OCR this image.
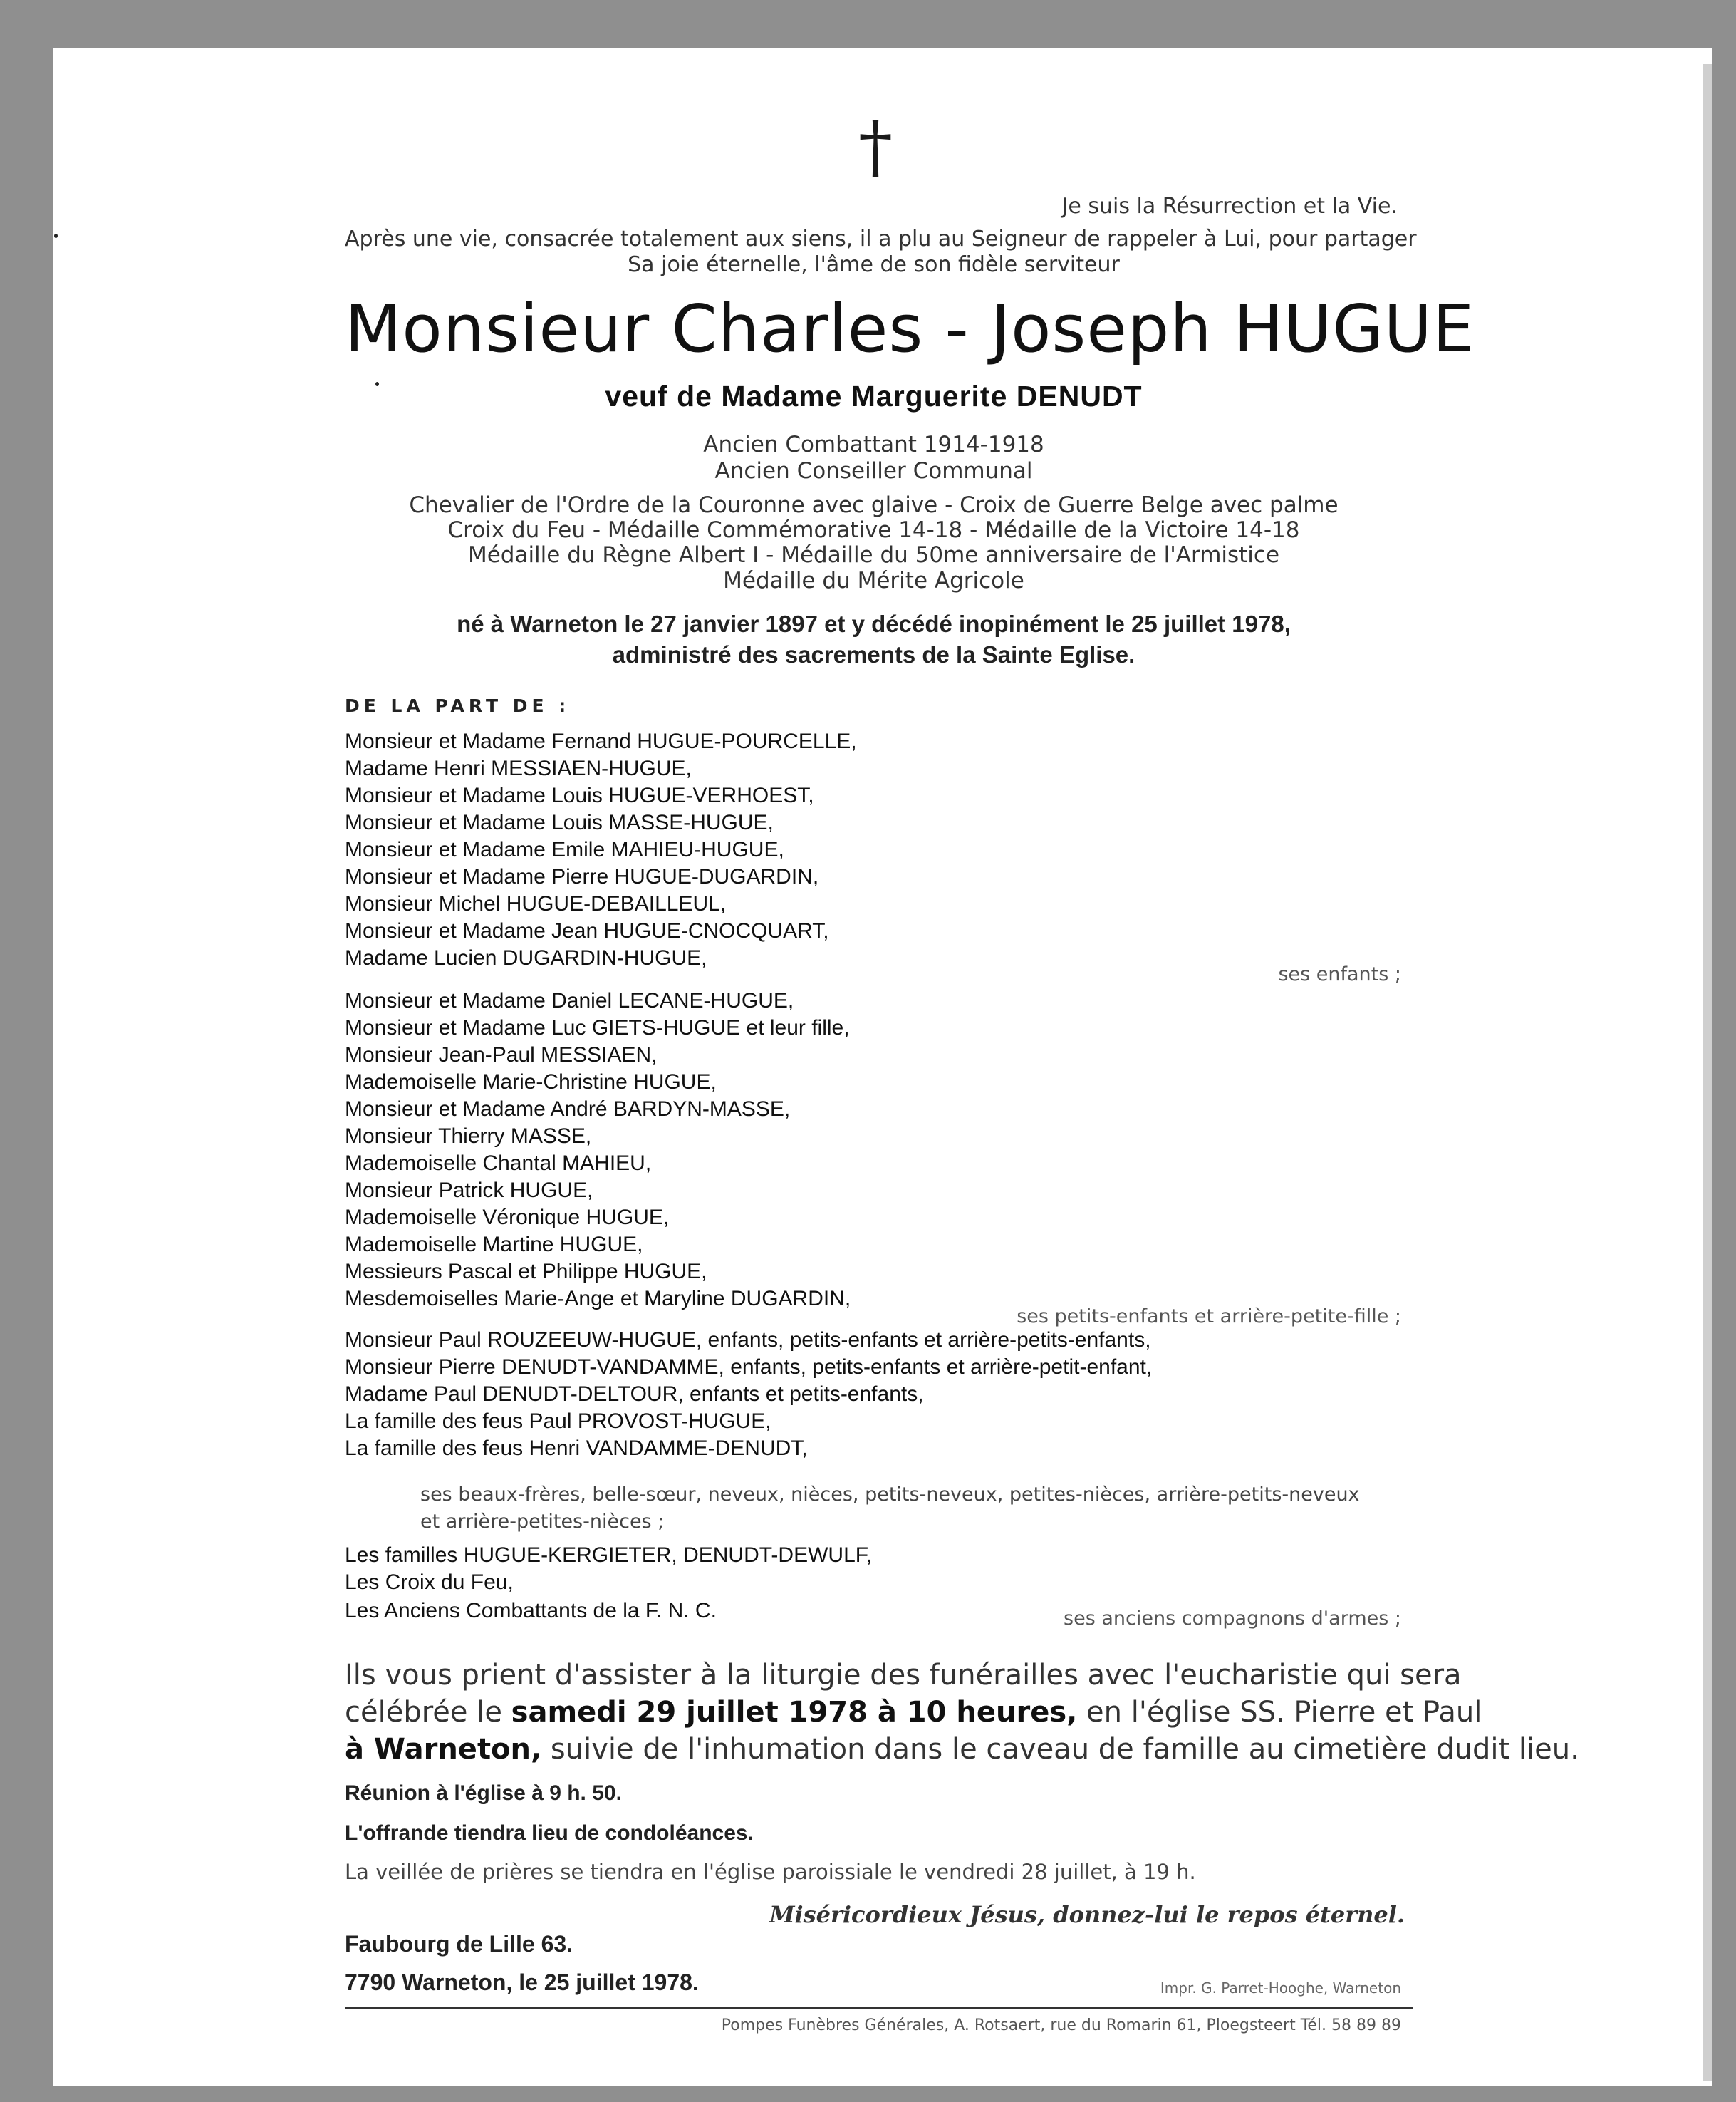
†
Je suis la Résurrection et la Vie.
Après une vie, consacrée totalement aux siens, il a plu au Seigneur de rappeler à Lui, pour partager
Sa joie éternelle, l'âme de son fidèle serviteur
Monsieur Charles - Joseph HUGUE
veuf de Madame Marguerite DENUDT
Ancien Combattant 1914-1918
Ancien Conseiller Communal
Chevalier de l'Ordre de la Couronne avec glaive - Croix de Guerre Belge avec palme
Croix du Feu - Médaille Commémorative 14-18 - Médaille de la Victoire 14-18
Médaille du Règne Albert I - Médaille du 50me anniversaire de l'Armistice
Médaille du Mérite Agricole
né à Warneton le 27 janvier 1897 et y décédé inopinément le 25 juillet 1978,
administré des sacrements de la Sainte Eglise.
DE LA PART DE :
Monsieur et Madame Fernand HUGUE-POURCELLE,
Madame Henri MESSIAEN-HUGUE,
Monsieur et Madame Louis HUGUE-VERHOEST,
Monsieur et Madame Louis MASSE-HUGUE,
Monsieur et Madame Emile MAHIEU-HUGUE,
Monsieur et Madame Pierre HUGUE-DUGARDIN,
Monsieur Michel HUGUE-DEBAILLEUL,
Monsieur et Madame Jean HUGUE-CNOCQUART,
Madame Lucien DUGARDIN-HUGUE,
ses enfants ;
Monsieur et Madame Daniel LECANE-HUGUE,
Monsieur et Madame Luc GIETS-HUGUE et leur fille,
Monsieur Jean-Paul MESSIAEN,
Mademoiselle Marie-Christine HUGUE,
Monsieur et Madame André BARDYN-MASSE,
Monsieur Thierry MASSE,
Mademoiselle Chantal MAHIEU,
Monsieur Patrick HUGUE,
Mademoiselle Véronique HUGUE,
Mademoiselle Martine HUGUE,
Messieurs Pascal et Philippe HUGUE,
Mesdemoiselles Marie-Ange et Maryline DUGARDIN,
ses petits-enfants et arrière-petite-fille ;
Monsieur Paul ROUZEEUW-HUGUE, enfants, petits-enfants et arrière-petits-enfants,
Monsieur Pierre DENUDT-VANDAMME, enfants, petits-enfants et arrière-petit-enfant,
Madame Paul DENUDT-DELTOUR, enfants et petits-enfants,
La famille des feus Paul PROVOST-HUGUE,
La famille des feus Henri VANDAMME-DENUDT,
ses beaux-frères, belle-sœur, neveux, nièces, petits-neveux, petites-nièces, arrière-petits-neveux
et arrière-petites-nièces ;
Les familles HUGUE-KERGIETER, DENUDT-DEWULF,
Les Croix du Feu,
Les Anciens Combattants de la F. N. C.	ses anciens compagnons d'armes ;
Ils vous prient d'assister à la liturgie des funérailles avec l'eucharistie qui sera
célébrée le samedi 29 juillet 1978 à 10 heures, en l'église SS. Pierre et Paul
à Warneton, suivie de l'inhumation dans le caveau de famille au cimetière dudit lieu.
Réunion à l'église à 9 h. 50.
L'offrande tiendra lieu de condoléances.
La veillée de prières se tiendra en l'église paroissiale le vendredi 28 juillet, à 19 h.
Miséricordieux Jésus, donnez-lui le repos éternel.
Faubourg de Lille 63.
7790 Warneton, le 25 juillet 1978.	Impr. G. Parret-Hooghe, Warneton
Pompes Funèbres Générales, A. Rotsaert, rue du Romarin 61, Ploegsteert Tél. 58 89 89
